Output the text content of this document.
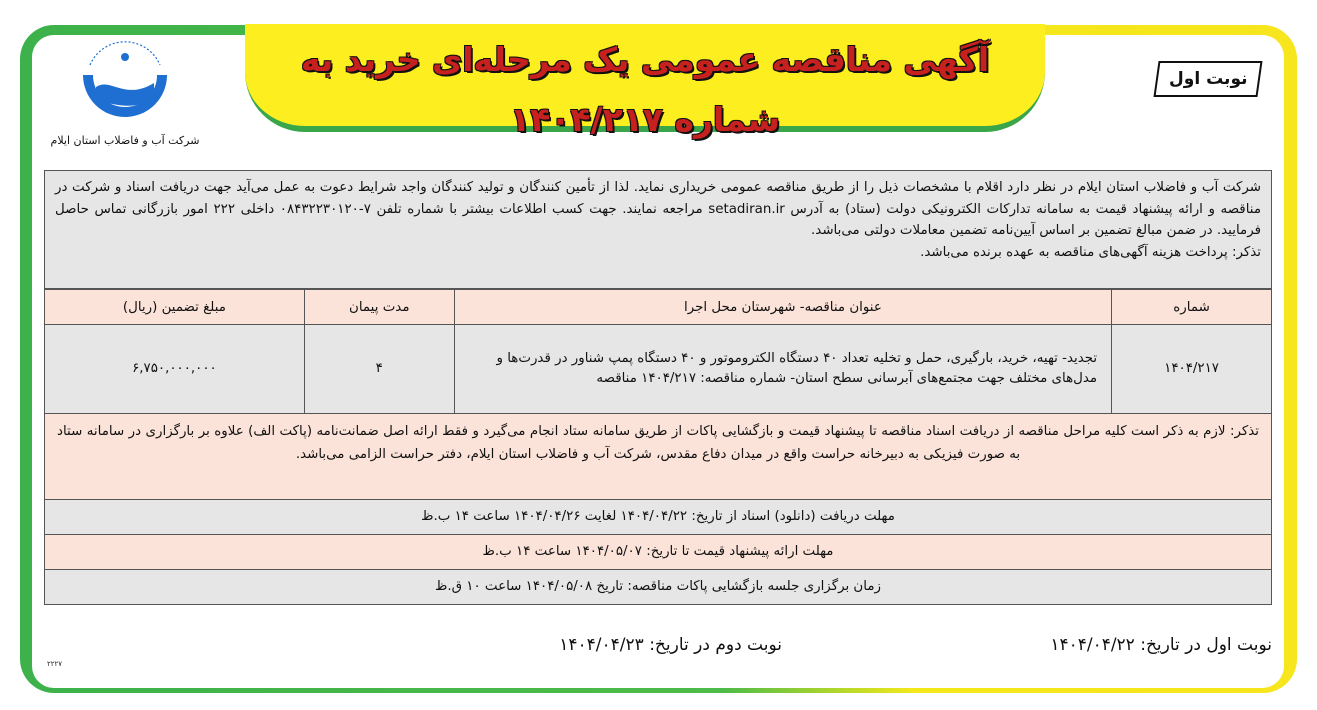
آگهی مناقصه عمومی یک مرحله‌ای خرید به شماره ۱۴۰۴/۲۱۷
نوبت اول
شرکت آب و فاضلاب استان ایلام
شرکت آب و فاضلاب استان ایلام در نظر دارد اقلام با مشخصات ذیل را از طریق مناقصه عمومی خریداری نماید. لذا از تأمین کنندگان و تولید کنندگان واجد شرایط دعوت به عمل می‌آید جهت دریافت اسناد و شرکت در مناقصه و ارائه پیشنهاد قیمت به سامانه تدارکات الکترونیکی دولت (ستاد) به آدرس setadiran.ir مراجعه نمایند. جهت کسب اطلاعات بیشتر با شماره تلفن ۷-۰۸۴۳۲۲۳۰۱۲۰ داخلی ۲۲۲ امور بازرگانی تماس حاصل فرمایید. در ضمن مبالغ تضمین بر اساس آیین‌نامه تضمین معاملات دولتی می‌باشد.
تذکر: پرداخت هزینه آگهی‌های مناقصه به عهده برنده می‌باشد.
شماره	عنوان مناقصه- شهرستان محل اجرا	مدت پیمان	مبلغ تضمین (ریال)
۱۴۰۴/۲۱۷	تجدید- تهیه، خرید، بارگیری، حمل و تخلیه تعداد ۴۰ دستگاه الکتروموتور و ۴۰ دستگاه پمپ شناور در قدرت‌ها و مدل‌های مختلف جهت مجتمع‌های آبرسانی سطح استان- شماره مناقصه: ۱۴۰۴/۲۱۷ مناقصه	۴	۶,۷۵۰,۰۰۰,۰۰۰
تذکر: لازم به ذکر است کلیه مراحل مناقصه از دریافت اسناد مناقصه تا پیشنهاد قیمت و بازگشایی پاکات از طریق سامانه ستاد انجام می‌گیرد و فقط ارائه اصل ضمانت‌نامه (پاکت الف) علاوه بر بارگزاری در سامانه ستاد به صورت فیزیکی به دبیرخانه حراست واقع در میدان دفاع مقدس، شرکت آب و فاضلاب استان ایلام، دفتر حراست الزامی می‌باشد.
مهلت دریافت (دانلود) اسناد از تاریخ: ۱۴۰۴/۰۴/۲۲ لغایت ۱۴۰۴/۰۴/۲۶ ساعت ۱۴ ب.ظ
مهلت ارائه پیشنهاد قیمت تا تاریخ: ۱۴۰۴/۰۵/۰۷ ساعت ۱۴ ب.ظ
زمان برگزاری جلسه بازگشایی پاکات مناقصه: تاریخ ۱۴۰۴/۰۵/۰۸ ساعت ۱۰ ق.ظ
نوبت اول در تاریخ: ۱۴۰۴/۰۴/۲۲
نوبت دوم در تاریخ: ۱۴۰۴/۰۴/۲۳
۲۲۲۷
